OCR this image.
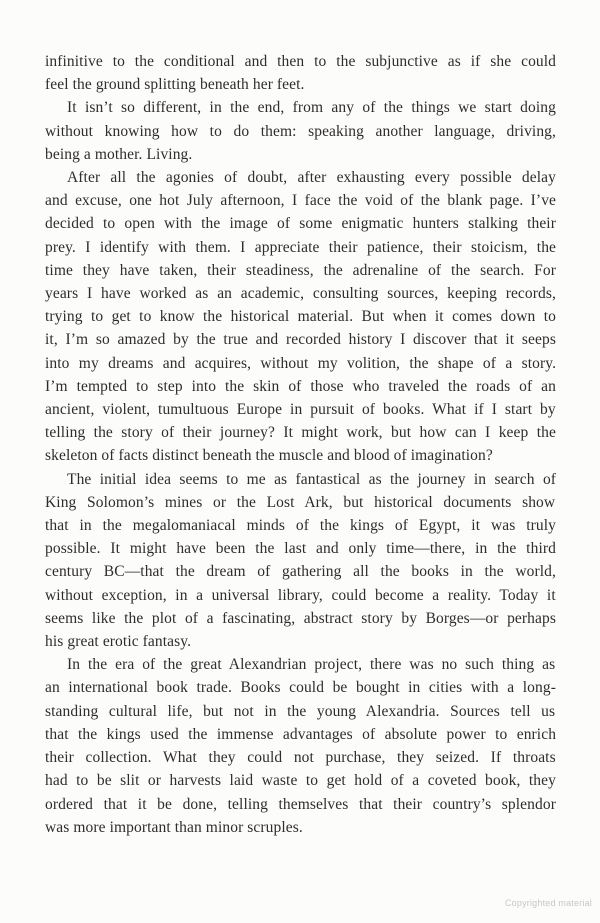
infinitive to the conditional and then to the subjunctive as if she could
feel the ground splitting beneath her feet.
It isn’t so different, in the end, from any of the things we start doing
without knowing how to do them: speaking another language, driving,
being a mother. Living.
After all the agonies of doubt, after exhausting every possible delay
and excuse, one hot July afternoon, I face the void of the blank page. I’ve
decided to open with the image of some enigmatic hunters stalking their
prey. I identify with them. I appreciate their patience, their stoicism, the
time they have taken, their steadiness, the adrenaline of the search. For
years I have worked as an academic, consulting sources, keeping records,
trying to get to know the historical material. But when it comes down to
it, I’m so amazed by the true and recorded history I discover that it seeps
into my dreams and acquires, without my volition, the shape of a story.
I’m tempted to step into the skin of those who traveled the roads of an
ancient, violent, tumultuous Europe in pursuit of books. What if I start by
telling the story of their journey? It might work, but how can I keep the
skeleton of facts distinct beneath the muscle and blood of imagination?
The initial idea seems to me as fantastical as the journey in search of
King Solomon’s mines or the Lost Ark, but historical documents show
that in the megalomaniacal minds of the kings of Egypt, it was truly
possible. It might have been the last and only time—there, in the third
century BC—that the dream of gathering all the books in the world,
without exception, in a universal library, could become a reality. Today it
seems like the plot of a fascinating, abstract story by Borges—or perhaps
his great erotic fantasy.
In the era of the great Alexandrian project, there was no such thing as
an international book trade. Books could be bought in cities with a long-
standing cultural life, but not in the young Alexandria. Sources tell us
that the kings used the immense advantages of absolute power to enrich
their collection. What they could not purchase, they seized. If throats
had to be slit or harvests laid waste to get hold of a coveted book, they
ordered that it be done, telling themselves that their country’s splendor
was more important than minor scruples.
Copyrighted material
